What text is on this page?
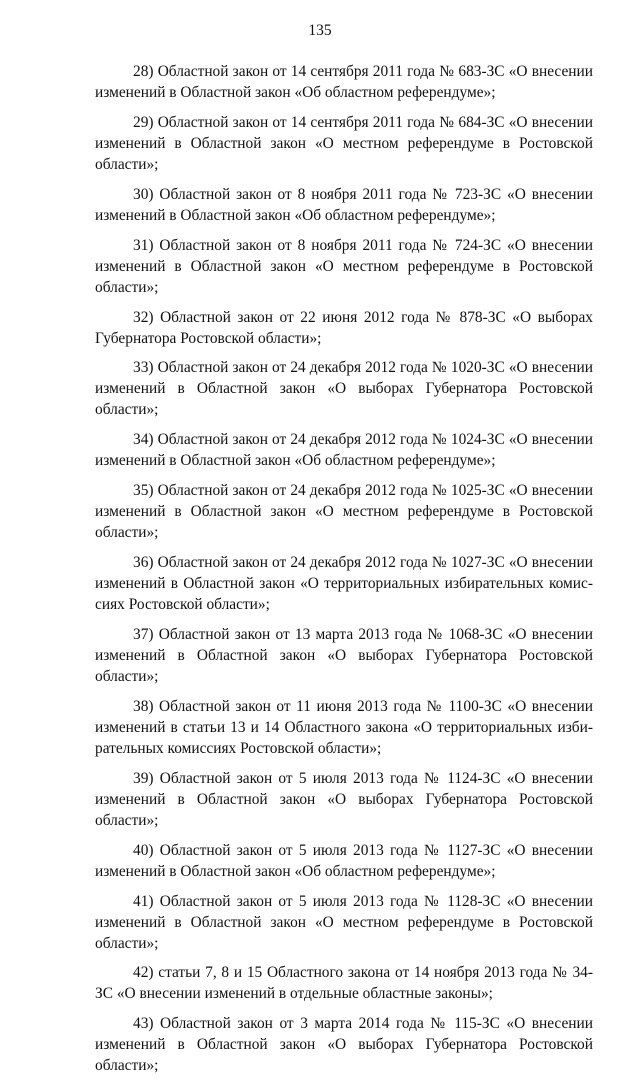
135

28) Областной закон от 14 сентября 2011 года № 683-ЗС «О внесении изменений в Областной закон «Об областном референдуме»;

29) Областной закон от 14 сентября 2011 года № 684-ЗС «О внесении изменений в Областной закон «О местном референдуме в Ростовской области»;

30) Областной закон от 8 ноября 2011 года № 723-ЗС «О внесении изменений в Областной закон «Об областном референдуме»;

31) Областной закон от 8 ноября 2011 года № 724-ЗС «О внесении изменений в Областной закон «О местном референдуме в Ростовской области»;

32) Областной закон от 22 июня 2012 года № 878-ЗС «О выборах Губернатора Ростовской области»;

33) Областной закон от 24 декабря 2012 года № 1020-ЗС «О внесении изменений в Областной закон «О выборах Губернатора Ростовской области»;

34) Областной закон от 24 декабря 2012 года № 1024-ЗС «О внесении изменений в Областной закон «Об областном референдуме»;

35) Областной закон от 24 декабря 2012 года № 1025-ЗС «О внесении изменений в Областной закон «О местном референдуме в Ростовской области»;

36) Областной закон от 24 декабря 2012 года № 1027-ЗС «О внесении изменений в Областной закон «О территориальных избирательных комиссиях Ростовской области»;

37) Областной закон от 13 марта 2013 года № 1068-ЗС «О внесении изменений в Областной закон «О выборах Губернатора Ростовской области»;

38) Областной закон от 11 июня 2013 года № 1100-ЗС «О внесении изменений в статьи 13 и 14 Областного закона «О территориальных избирательных комиссиях Ростовской области»;

39) Областной закон от 5 июля 2013 года № 1124-ЗС «О внесении изменений в Областной закон «О выборах Губернатора Ростовской области»;

40) Областной закон от 5 июля 2013 года № 1127-ЗС «О внесении изменений в Областной закон «Об областном референдуме»;

41) Областной закон от 5 июля 2013 года № 1128-ЗС «О внесении изменений в Областной закон «О местном референдуме в Ростовской области»;

42) статьи 7, 8 и 15 Областного закона от 14 ноября 2013 года № 34-ЗС «О внесении изменений в отдельные областные законы»;

43) Областной закон от 3 марта 2014 года № 115-ЗС «О внесении изменений в Областной закон «О выборах Губернатора Ростовской области»;
